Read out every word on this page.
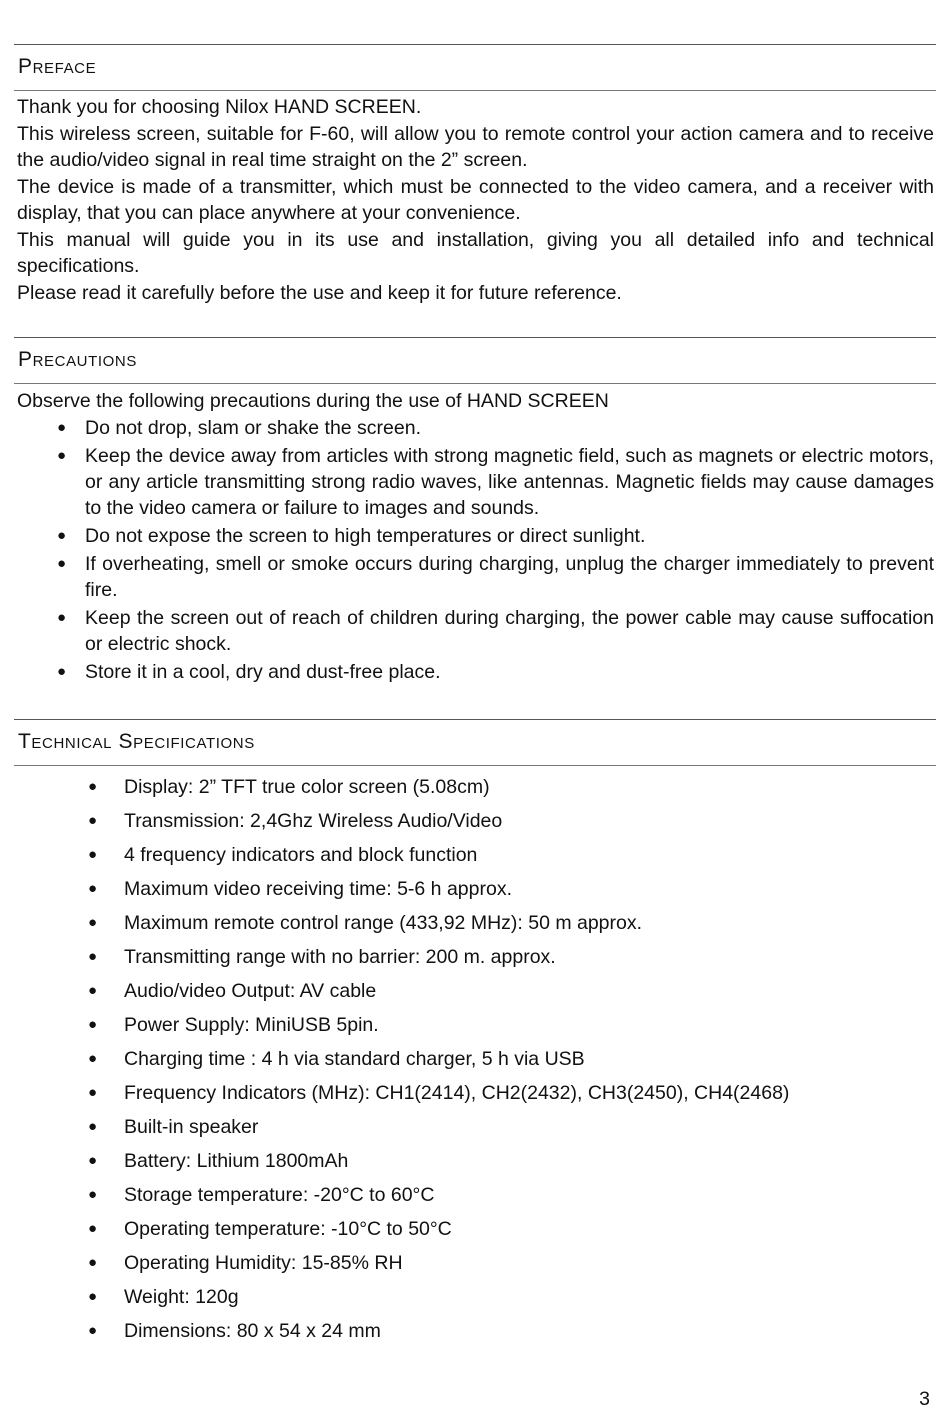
Preface

Thank you for choosing Nilox HAND SCREEN.

This wireless screen, suitable for F-60, will allow you to remote control your action camera and to receive the audio/video signal in real time straight on the 2” screen.

The device is made of a transmitter, which must be connected to the video camera, and a receiver with display, that you can place anywhere at your convenience.

This manual will guide you in its use and installation, giving you all detailed info and technical specifications.

Please read it carefully before the use and keep it for future reference.

Precautions
Observe the following precautions during the use of HAND SCREEN
● Do not drop, slam or shake the screen.
● Keep the device away from articles with strong magnetic field, such as magnets or electric motors, or any article transmitting strong radio waves, like antennas. Magnetic fields may cause damages to the video camera or failure to images and sounds.
● Do not expose the screen to high temperatures or direct sunlight.
● If overheating, smell or smoke occurs during charging, unplug the charger immediately to prevent fire.
● Keep the screen out of reach of children during charging, the power cable may cause suffocation or electric shock.
● Store it in a cool, dry and dust-free place.
Technical Specifications
● Display: 2” TFT true color screen (5.08cm)
● Transmission: 2,4Ghz Wireless Audio/Video
● 4 frequency indicators and block function
● Maximum video receiving time: 5-6 h approx.
● Maximum remote control range (433,92 MHz): 50 m approx.
● Transmitting range with no barrier: 200 m. approx.
● Audio/video Output: AV cable
● Power Supply: MiniUSB 5pin.
● Charging time : 4 h via standard charger, 5 h via USB
● Frequency Indicators (MHz): CH1(2414), CH2(2432), CH3(2450), CH4(2468)
● Built-in speaker
● Battery: Lithium 1800mAh
● Storage temperature: -20°C to 60°C
● Operating temperature: -10°C to 50°C
● Operating Humidity: 15-85% RH
● Weight: 120g
● Dimensions: 80 x 54 x 24 mm
3
